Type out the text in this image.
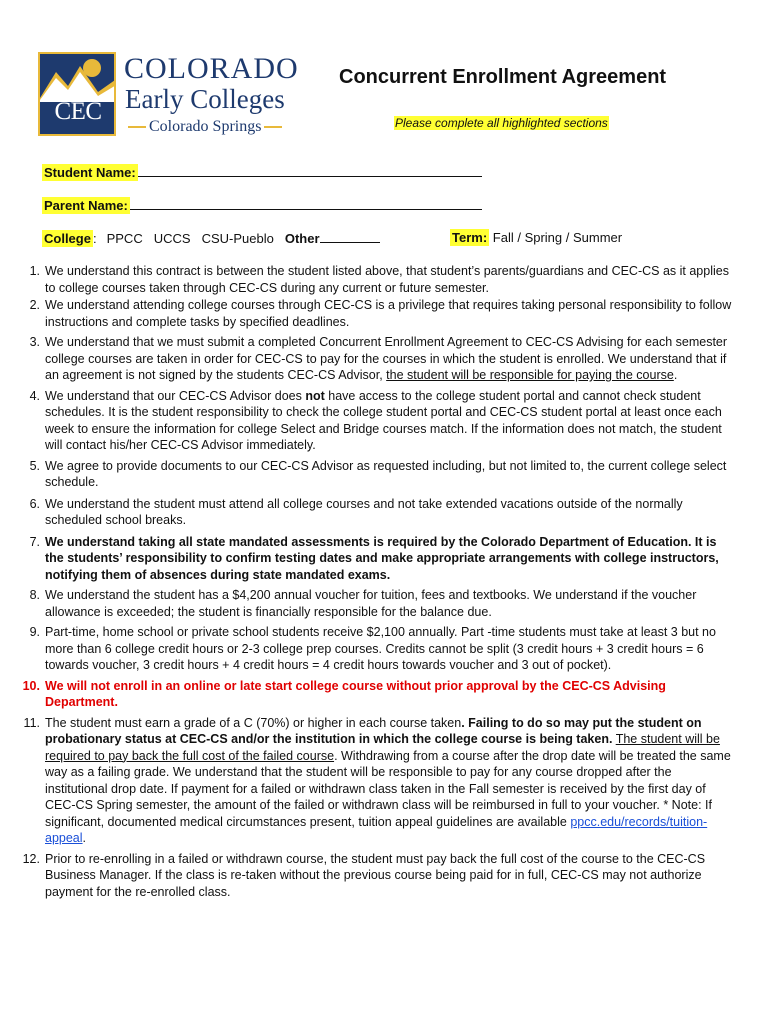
CEC
COLORADO
Early Colleges
Colorado Springs
Concurrent Enrollment Agreement
Please complete all highlighted sections
Student Name:
Parent Name:
College : PPCC UCCS CSU-Pueblo Other	Term: Fall / Spring / Summer
1. We understand this contract is between the student listed above, that student’s parents/guardians and CEC-CS as it applies to college courses taken through CEC-CS during any current or future semester.
2. We understand attending college courses through CEC-CS is a privilege that requires taking personal responsibility to follow instructions and complete tasks by specified deadlines.
3. We understand that we must submit a completed Concurrent Enrollment Agreement to CEC-CS Advising for each semester college courses are taken in order for CEC-CS to pay for the courses in which the student is enrolled. We understand that if an agreement is not signed by the students CEC-CS Advisor, the student will be responsible for paying the course.
4. We understand that our CEC-CS Advisor does not have access to the college student portal and cannot check student schedules. It is the student responsibility to check the college student portal and CEC-CS student portal at least once each week to ensure the information for college Select and Bridge courses match. If the information does not match, the student will contact his/her CEC-CS Advisor immediately.
5. We agree to provide documents to our CEC-CS Advisor as requested including, but not limited to, the current college select schedule.
6. We understand the student must attend all college courses and not take extended vacations outside of the normally scheduled school breaks.
7. We understand taking all state mandated assessments is required by the Colorado Department of Education. It is the students’ responsibility to confirm testing dates and make appropriate arrangements with college instructors, notifying them of absences during state mandated exams.
8. We understand the student has a $4,200 annual voucher for tuition, fees and textbooks. We understand if the voucher allowance is exceeded; the student is financially responsible for the balance due.
9. Part-time, home school or private school students receive $2,100 annually. Part -time students must take at least 3 but no more than 6 college credit hours or 2-3 college prep courses. Credits cannot be split (3 credit hours + 3 credit hours = 6 towards voucher, 3 credit hours + 4 credit hours = 4 credit hours towards voucher and 3 out of pocket).
10. We will not enroll in an online or late start college course without prior approval by the CEC-CS Advising Department.
11. The student must earn a grade of a C (70%) or higher in each course taken. Failing to do so may put the student on probationary status at CEC-CS and/or the institution in which the college course is being taken. The student will be required to pay back the full cost of the failed course. Withdrawing from a course after the drop date will be treated the same way as a failing grade. We understand that the student will be responsible to pay for any course dropped after the institutional drop date. If payment for a failed or withdrawn class taken in the Fall semester is received by the first day of CEC-CS Spring semester, the amount of the failed or withdrawn class will be reimbursed in full to your voucher. * Note: If significant, documented medical circumstances present, tuition appeal guidelines are available ppcc.edu/records/tuition-appeal.
12. Prior to re-enrolling in a failed or withdrawn course, the student must pay back the full cost of the course to the CEC-CS Business Manager. If the class is re-taken without the previous course being paid for in full, CEC-CS may not authorize payment for the re-enrolled class.
